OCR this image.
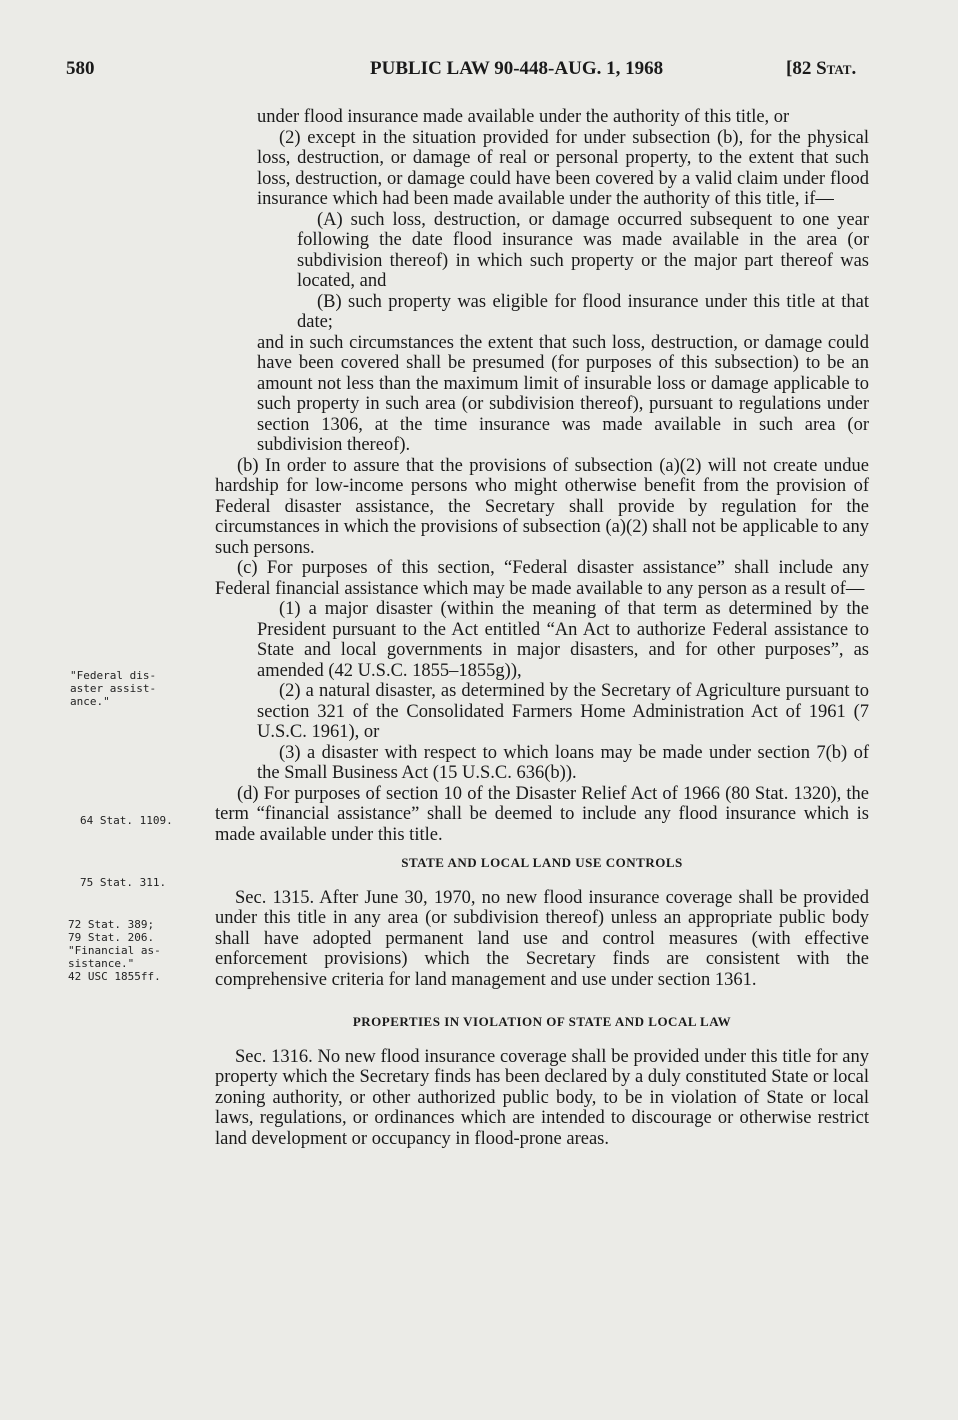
580	PUBLIC LAW 90-448-AUG. 1, 1968	[82 Stat.

under flood insurance made available under the authority of this title, or

(2) except in the situation provided for under subsection (b), for the physical loss, destruction, or damage of real or personal property, to the extent that such loss, destruction, or damage could have been covered by a valid claim under flood insurance which had been made available under the authority of this title, if—

(A) such loss, destruction, or damage occurred subsequent to one year following the date flood insurance was made available in the area (or subdivision thereof) in which such property or the major part thereof was located, and

(B) such property was eligible for flood insurance under this title at that date;

and in such circumstances the extent that such loss, destruction, or damage could have been covered shall be presumed (for purposes of this subsection) to be an amount not less than the maximum limit of insurable loss or damage applicable to such property in such area (or subdivision thereof), pursuant to regulations under section 1306, at the time insurance was made available in such area (or subdivision thereof).

(b) In order to assure that the provisions of subsection (a)(2) will not create undue hardship for low-income persons who might otherwise benefit from the provision of Federal disaster assistance, the Secretary shall provide by regulation for the circumstances in which the provisions of subsection (a)(2) shall not be applicable to any such persons.

(c) For purposes of this section, “Federal disaster assistance” shall include any Federal financial assistance which may be made available to any person as a result of—

(1) a major disaster (within the meaning of that term as determined by the President pursuant to the Act entitled “An Act to authorize Federal assistance to State and local governments in major disasters, and for other purposes”, as amended (42 U.S.C. 1855–1855g)),

(2) a natural disaster, as determined by the Secretary of Agriculture pursuant to section 321 of the Consolidated Farmers Home Administration Act of 1961 (7 U.S.C. 1961), or

(3) a disaster with respect to which loans may be made under section 7(b) of the Small Business Act (15 U.S.C. 636(b)).

(d) For purposes of section 10 of the Disaster Relief Act of 1966 (80 Stat. 1320), the term “financial assistance” shall be deemed to include any flood insurance which is made available under this title.

STATE AND LOCAL LAND USE CONTROLS

Sec. 1315. After June 30, 1970, no new flood insurance coverage shall be provided under this title in any area (or subdivision thereof) unless an appropriate public body shall have adopted permanent land use and control measures (with effective enforcement provisions) which the Secretary finds are consistent with the comprehensive criteria for land management and use under section 1361.

PROPERTIES IN VIOLATION OF STATE AND LOCAL LAW

Sec. 1316. No new flood insurance coverage shall be provided under this title for any property which the Secretary finds has been declared by a duly constituted State or local zoning authority, or other authorized public body, to be in violation of State or local laws, regulations, or ordinances which are intended to discourage or otherwise restrict land development or occupancy in flood-prone areas.

"Federal dis-
aster assist-
ance."
64 Stat. 1109.
75 Stat. 311.
72 Stat. 389;
79 Stat. 206.
"Financial as-
sistance."
42 USC 1855ff.
